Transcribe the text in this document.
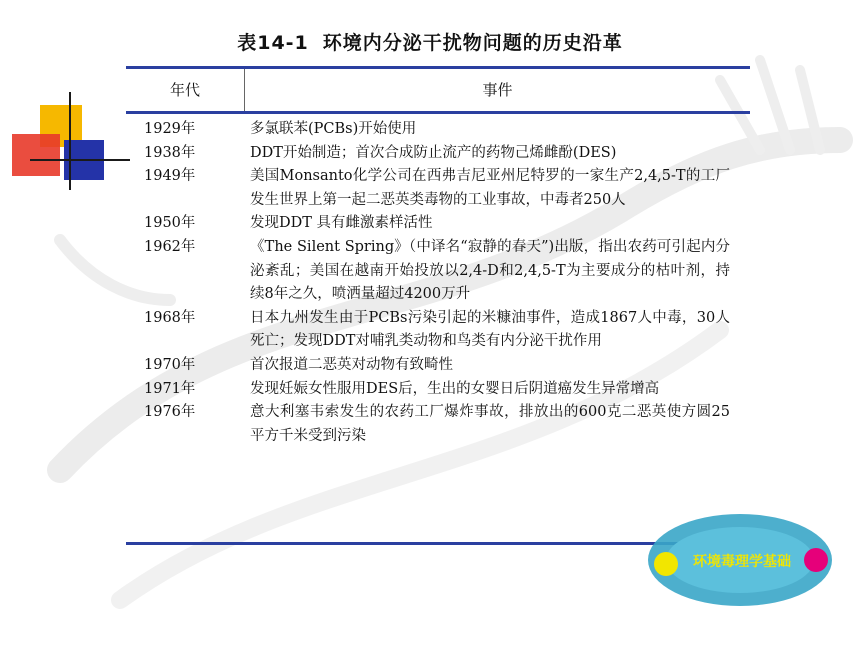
表14-1 环境内分泌干扰物问题的历史沿革
年代	事件
1929年	多氯联苯(PCBs)开始使用
1938年	DDT开始制造；首次合成防止流产的药物己烯雌酚(DES)
1949年	美国Monsanto化学公司在西弗吉尼亚州尼特罗的一家生产2,4,5-T的工厂发生世界上第一起二恶英类毒物的工业事故，中毒者250人
1950年	发现DDT 具有雌激素样活性
1962年	《The Silent Spring》（中译名“寂静的春天”)出版，指出农药可引起内分泌紊乱；美国在越南开始投放以2,4-D和2,4,5-T为主要成分的枯叶剂，持续8年之久，喷洒量超过4200万升
1968年	日本九州发生由于PCBs污染引起的米糠油事件，造成1867人中毒，30人死亡；发现DDT对哺乳类动物和鸟类有内分泌干扰作用
1970年	首次报道二恶英对动物有致畸性
1971年	发现妊娠女性服用DES后，生出的女婴日后阴道癌发生异常增高
1976年	意大利塞韦索发生的农药工厂爆炸事故，排放出的600克二恶英使方圆25平方千米受到污染
环境毒理学基础
